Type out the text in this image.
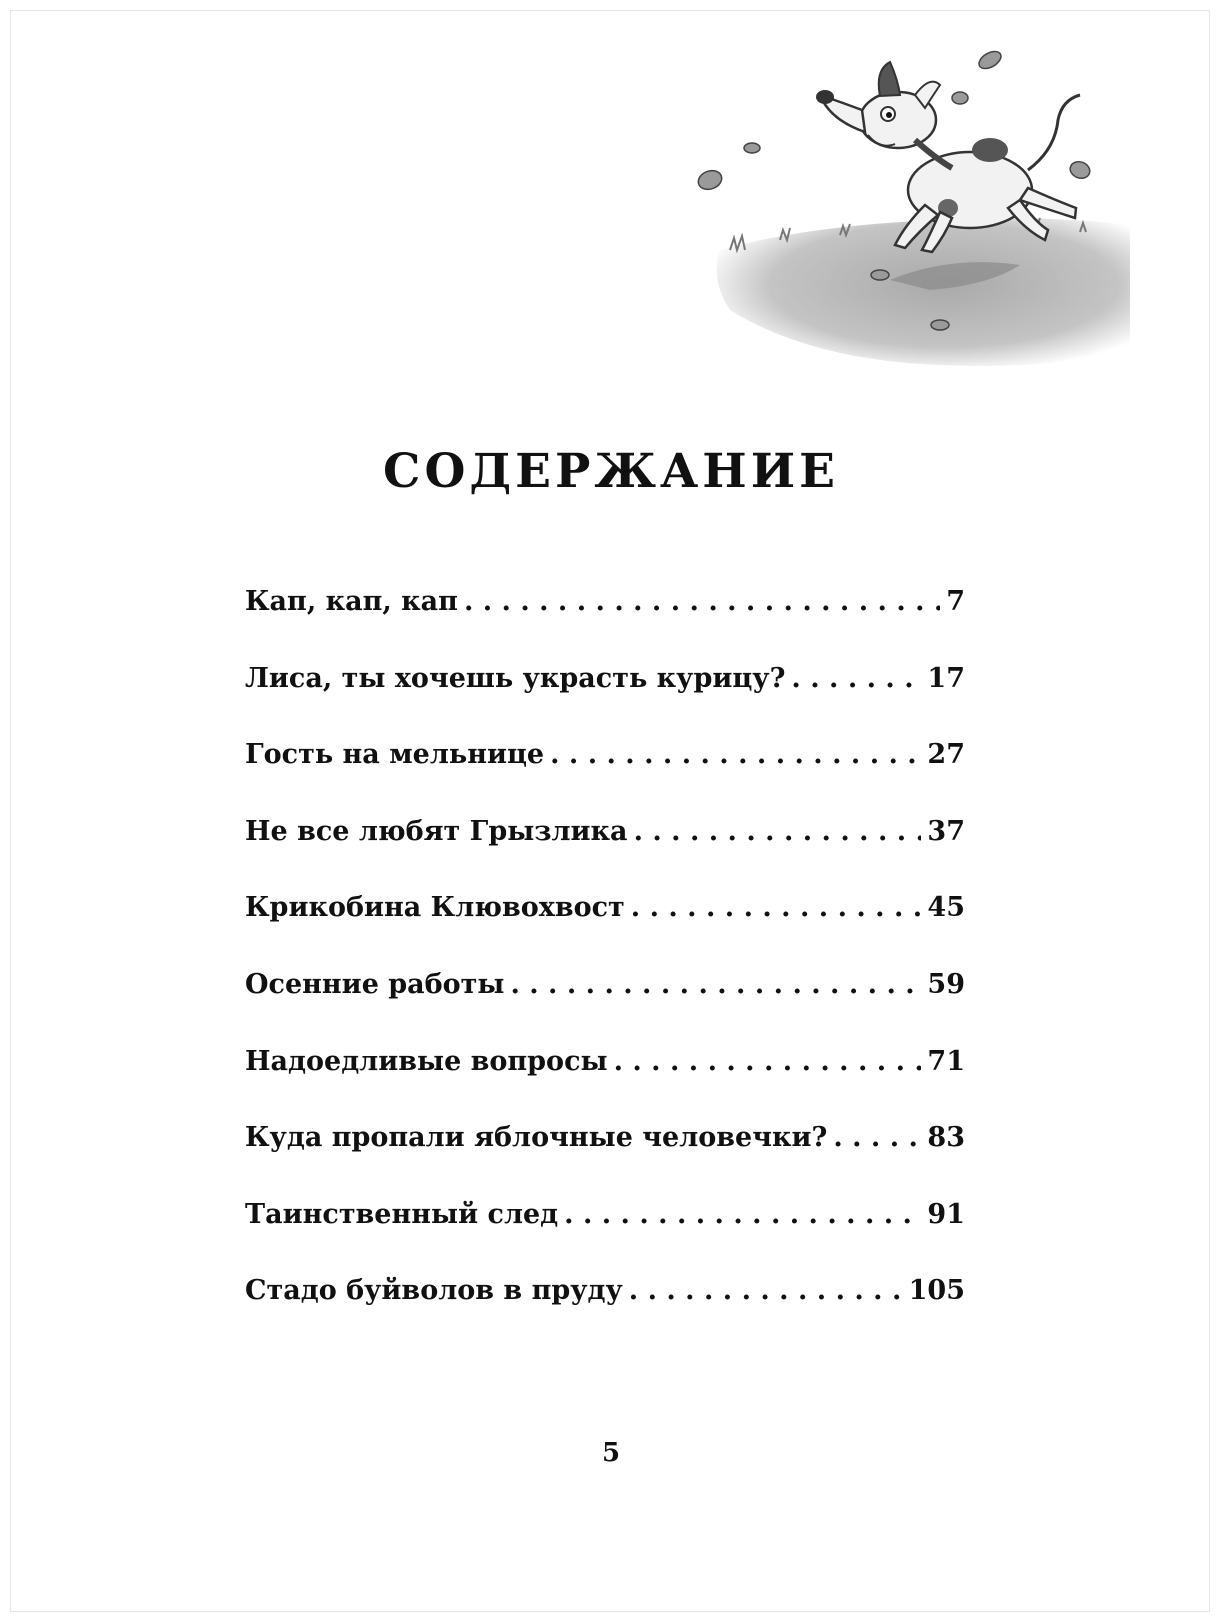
СОДЕРЖАНИЕ
Кап, кап, кап . . .	7
Лиса, ты хочешь украсть курицу? . . .	17
Гость на мельнице . . .	27
Не все любят Грызлика . . .	37
Крикобина Клювохвост . . .	45
Осенние работы . . .	59
Надоедливые вопросы . . .	71
Куда пропали яблочные человечки? . . .	83
Таинственный след . . .	91
Стадо буйволов в пруду . . .	105
5
